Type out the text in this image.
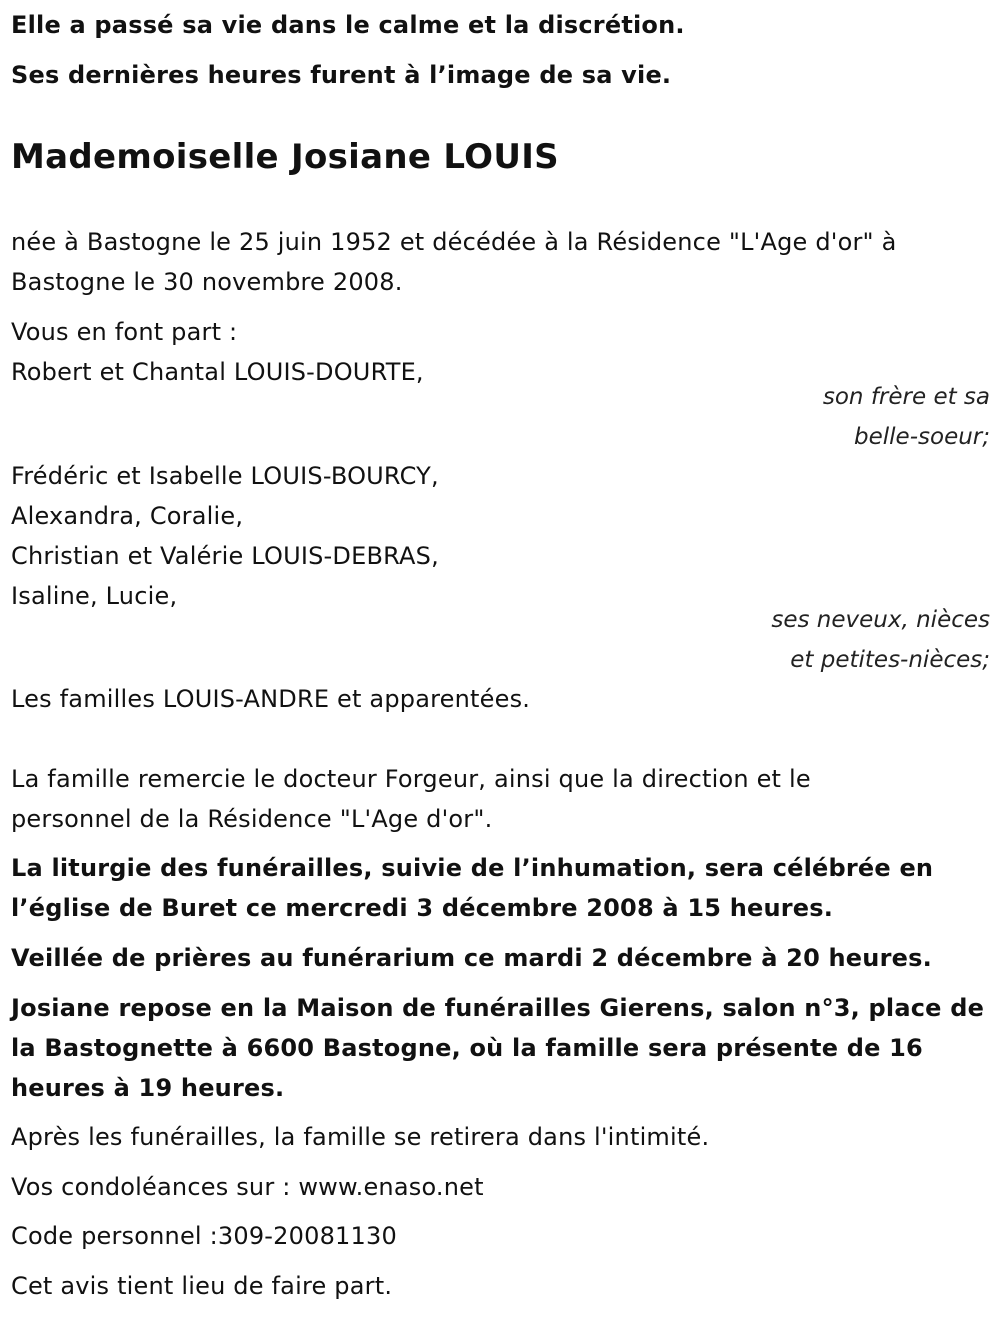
Elle a passé sa vie dans le calme et la discrétion.
Ses dernières heures furent à l’image de sa vie.
Mademoiselle Josiane LOUIS
née à Bastogne le 25 juin 1952 et décédée à la Résidence "L'Age d'or" à
Bastogne le 30 novembre 2008.
Vous en font part :
Robert et Chantal LOUIS-DOURTE,
son frère et sa
belle-soeur;
Frédéric et Isabelle LOUIS-BOURCY,
Alexandra, Coralie,
Christian et Valérie LOUIS-DEBRAS,
Isaline, Lucie,
ses neveux, nièces
et petites-nièces;
Les familles LOUIS-ANDRE et apparentées.
La famille remercie le docteur Forgeur, ainsi que la direction et le
personnel de la Résidence "L'Age d'or".
La liturgie des funérailles, suivie de l’inhumation, sera célébrée en
l’église de Buret ce mercredi 3 décembre 2008 à 15 heures.
Veillée de prières au funérarium ce mardi 2 décembre à 20 heures.
Josiane repose en la Maison de funérailles Gierens, salon n°3, place de
la Bastognette à 6600 Bastogne, où la famille sera présente de 16
heures à 19 heures.
Après les funérailles, la famille se retirera dans l'intimité.
Vos condoléances sur : www.enaso.net
Code personnel :309-20081130
Cet avis tient lieu de faire part.
